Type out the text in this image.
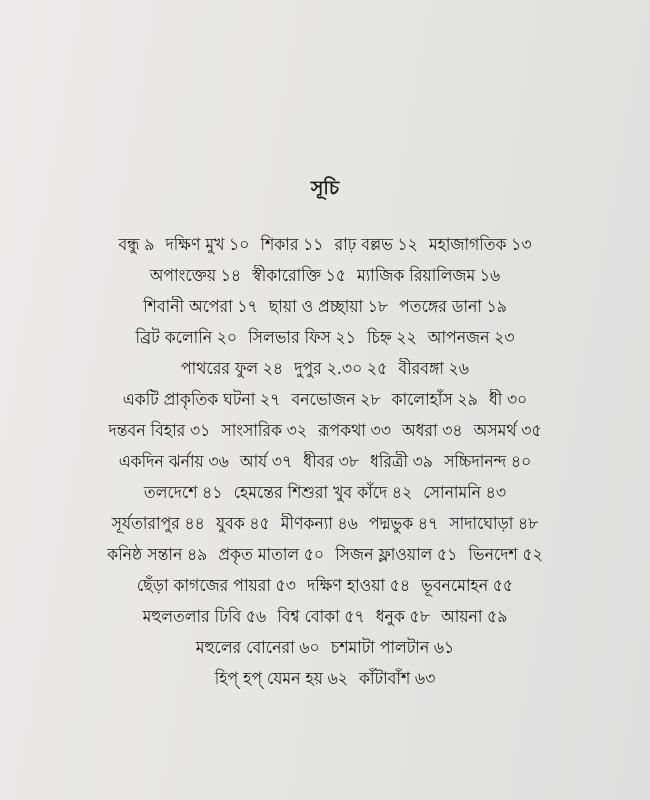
সূচি
বন্ধু ৯ দক্ষিণ মুখ ১০ শিকার ১১ রাঢ় বল্লভ ১২ মহাজাগতিক ১৩
অপাংক্তেয় ১৪ স্বীকারোক্তি ১৫ ম্যাজিক রিয়ালিজম ১৬
শিবানী অপেরা ১৭ ছায়া ও প্রচ্ছায়া ১৮ পতঙ্গের ডানা ১৯
ব্রিট কলোনি ২০ সিলভার ফিস ২১ চিহ্ন ২২ আপনজন ২৩
পাথরের ফুল ২৪ দুপুর ২.৩০ ২৫ বীরবঙ্গা ২৬
একটি প্রাকৃতিক ঘটনা ২৭ বনভোজন ২৮ কালোহাঁস ২৯ ধী ৩০
দন্তবন বিহার ৩১ সাংসারিক ৩২ রূপকথা ৩৩ অধরা ৩৪ অসমর্থ ৩৫
একদিন ঝর্নায় ৩৬ আর্য ৩৭ ধীবর ৩৮ ধরিত্রী ৩৯ সচ্চিদানন্দ ৪০
তলদেশে ৪১ হেমন্তের শিশুরা খুব কাঁদে ৪২ সোনামনি ৪৩
সূর্যতারাপুর ৪৪ যুবক ৪৫ মীণকন্যা ৪৬ পদ্মভুক ৪৭ সাদাঘোড়া ৪৮
কনিষ্ঠ সন্তান ৪৯ প্রকৃত মাতাল ৫০ সিজন ফ্লাওয়াল ৫১ ভিনদেশ ৫২
ছেঁড়া কাগজের পায়রা ৫৩ দক্ষিণ হাওয়া ৫৪ ভূবনমোহন ৫৫
মহুলতলার ঢিবি ৫৬ বিশ্ব বোকা ৫৭ ধনুক ৫৮ আয়না ৫৯
মহুলের বোনেরা ৬০ চশমাটা পালটান ৬১
হিপ্ হপ্ যেমন হয় ৬২ কাঁটাবাঁশ ৬৩
